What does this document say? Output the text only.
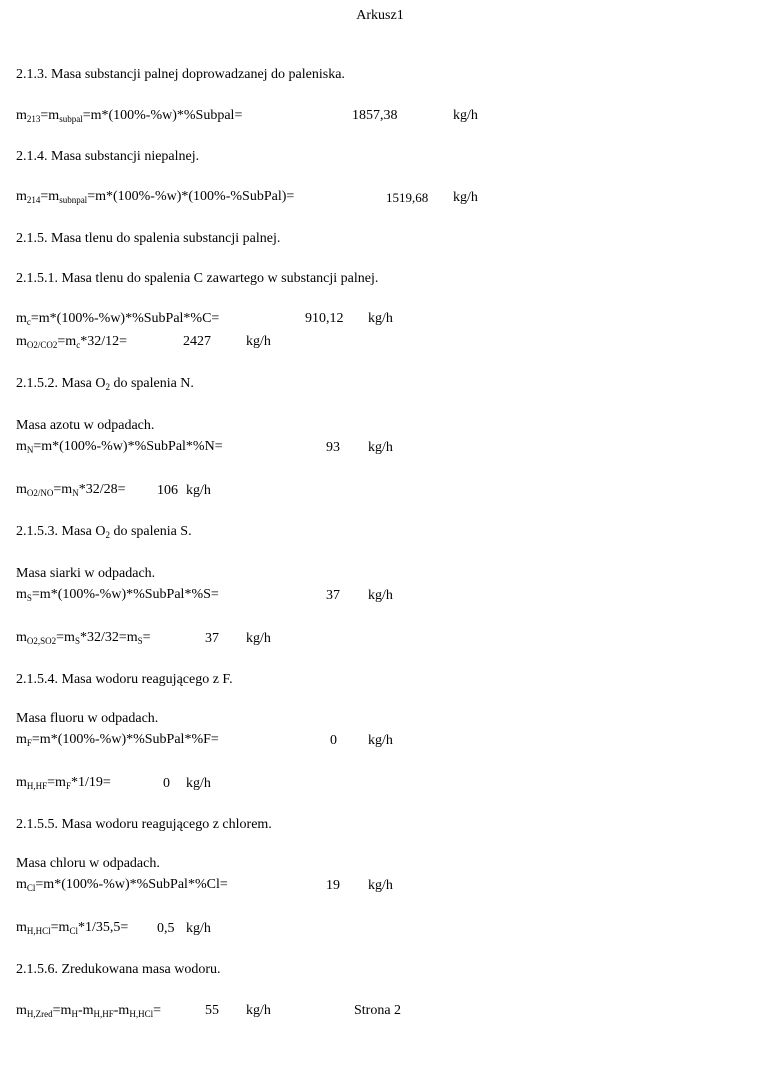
Arkusz1
2.1.3. Masa substancji palnej doprowadzanej do paleniska.
$m_{213}=m_{subpal}=m*(100\%-\%w)*\%Subpal=$	1857,38	kg/h
2.1.4. Masa substancji niepalnej.
$m_{214}=m_{subnpal}=m*(100\%-\%w)*(100\%-\%SubPal)=$	1519,68 kg/h
2.1.5. Masa tlenu do spalenia substancji palnej.
2.1.5.1. Masa tlenu do spalenia C zawartego w substancji palnej.
$m_c=m*(100\%-\%w)*\%SubPal*\%C=$	910,12 kg/h
$m_{O2/CO2}=m_c*32/12=$	2427	kg/h
2.1.5.2. Masa $O_2$ do spalenia N.
Masa azotu w odpadach.
$m_N=m*(100\%-\%w)*\%SubPal*\%N=$	93 kg/h
$m_{O2/NO}=m_N*32/28= 106$ kg/h
2.1.5.3. Masa $O_2$ do spalenia S.
Masa siarki w odpadach.
$m_S=m*(100\%-\%w)*\%SubPal*\%S=$	37 kg/h
$m_{O2,SO2}=m_S*32/32=m_S=$	37 kg/h
2.1.5.4. Masa wodoru reagującego z F.
Masa fluoru w odpadach.
$m_F=m*(100\%-\%w)*\%SubPal*\%F=$	0 kg/h
$m_{H,HF}=m_F*1/19=$	0 kg/h
2.1.5.5. Masa wodoru reagującego z chlorem.
Masa chloru w odpadach.
$m_{Cl}=m*(100\%-\%w)*\%SubPal*\%Cl=$	19 kg/h
$m_{H,HCl}=m_{Cl}*1/35,5= 0,5$ kg/h
2.1.5.6. Zredukowana masa wodoru.
$m_{H,Zred}=m_H-m_{H,HF}-m_{H,HCl}=$	55 kg/h	Strona 2
